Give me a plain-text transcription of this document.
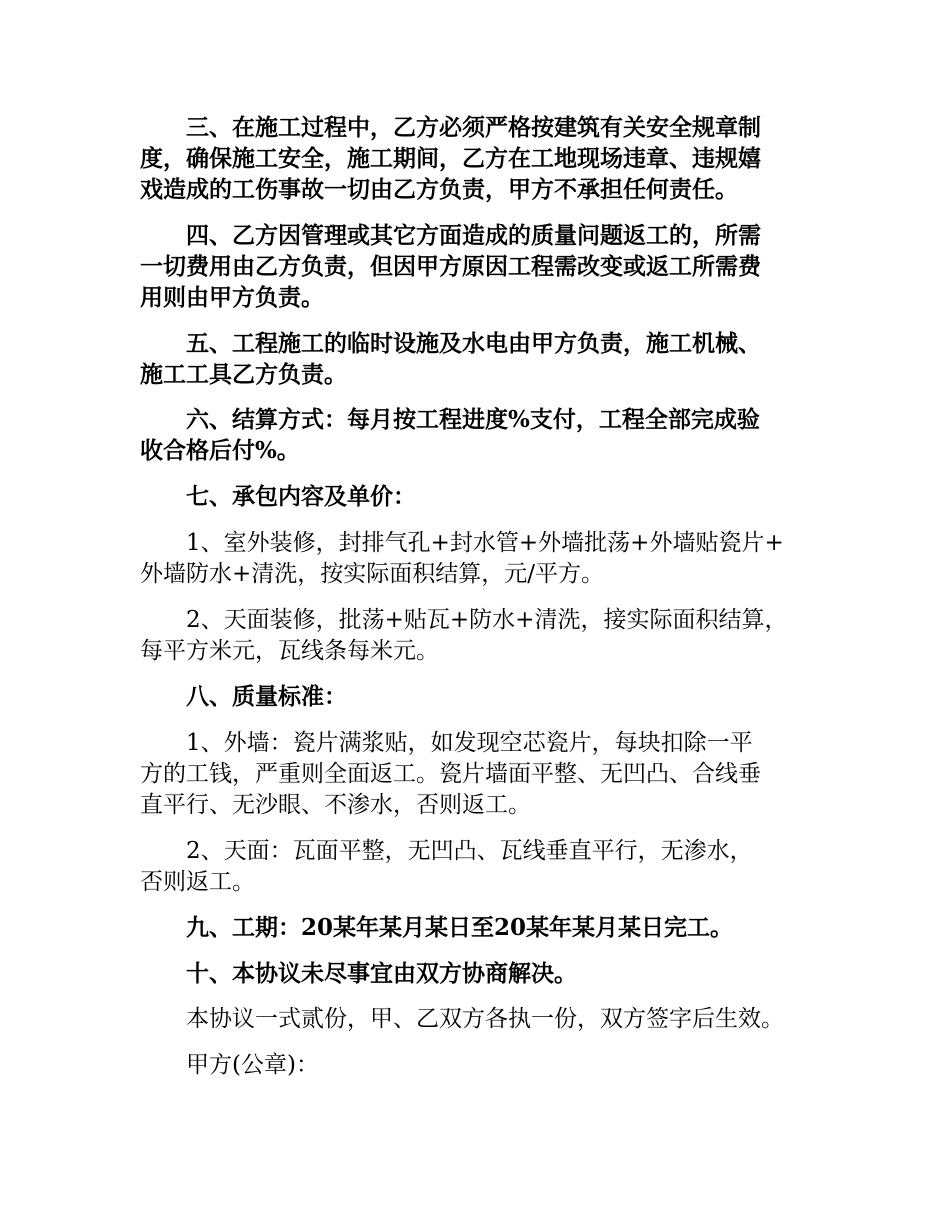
三、在施工过程中，乙方必须严格按建筑有关安全规章制
度，确保施工安全，施工期间，乙方在工地现场违章、违规嬉
戏造成的工伤事故一切由乙方负责，甲方不承担任何责任。
四、乙方因管理或其它方面造成的质量问题返工的，所需
一切费用由乙方负责，但因甲方原因工程需改变或返工所需费
用则由甲方负责。
五、工程施工的临时设施及水电由甲方负责，施工机械、
施工工具乙方负责。
六、结算方式：每月按工程进度%支付，工程全部完成验
收合格后付%。
七、承包内容及单价：
1、室外装修，封排气孔+封水管+外墙批荡+外墙贴瓷片+
外墙防水+清洗，按实际面积结算，元/平方。
2、天面装修，批荡+贴瓦+防水+清洗，接实际面积结算，
每平方米元，瓦线条每米元。
八、质量标准：
1、外墙：瓷片满浆贴，如发现空芯瓷片，每块扣除一平
方的工钱，严重则全面返工。瓷片墙面平整、无凹凸、合线垂
直平行、无沙眼、不渗水，否则返工。
2、天面：瓦面平整，无凹凸、瓦线垂直平行，无渗水，
否则返工。
九、工期：20某年某月某日至20某年某月某日完工。
十、本协议未尽事宜由双方协商解决。
本协议一式贰份，甲、乙双方各执一份，双方签字后生效。
甲方(公章)：
